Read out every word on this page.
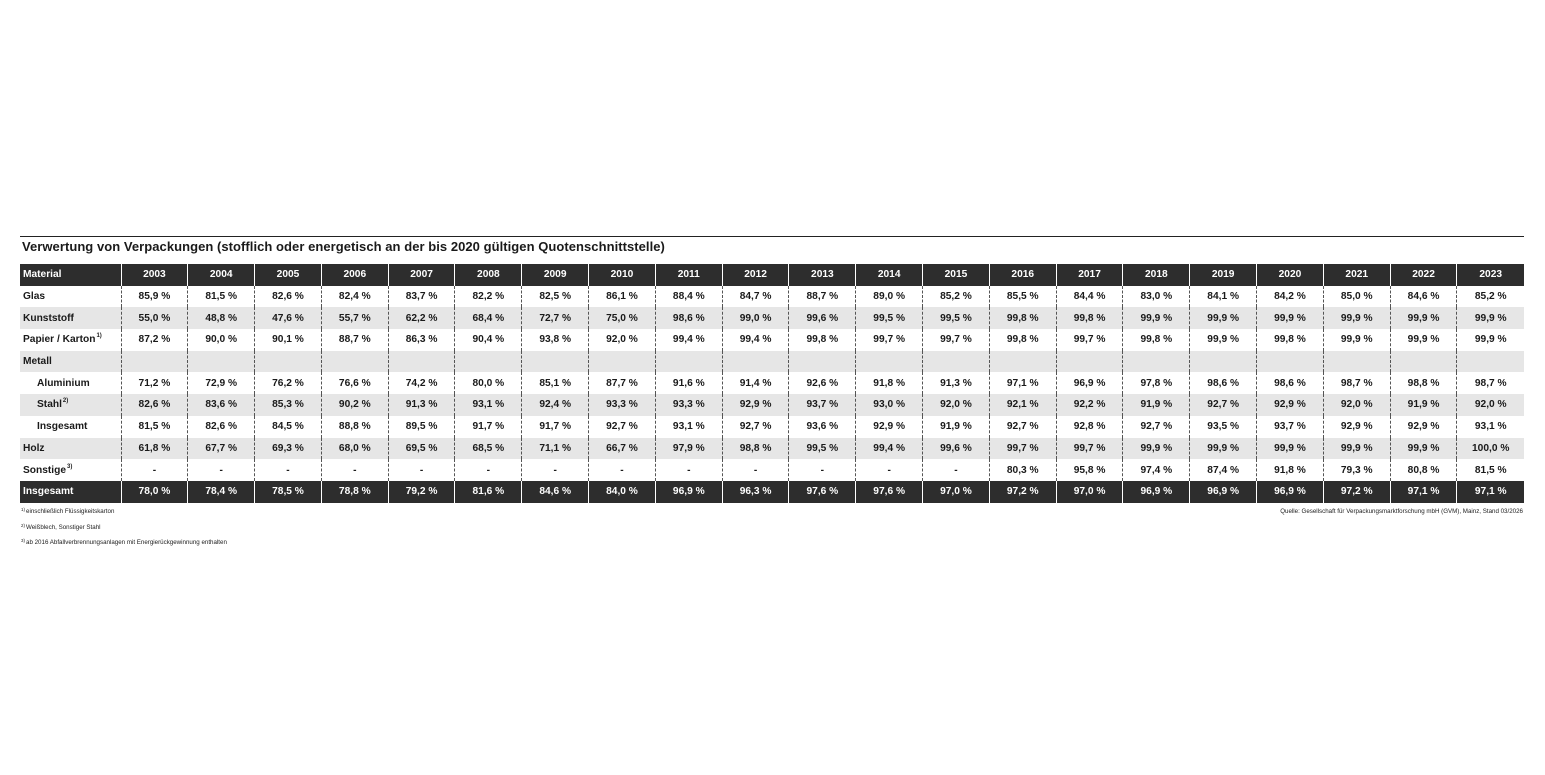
Verwertung von Verpackungen (stofflich oder energetisch an der bis 2020 gültigen Quotenschnittstelle)
Material	2003	2004	2005	2006	2007	2008	2009	2010	2011	2012	2013	2014	2015	2016	2017	2018	2019	2020	2021	2022	2023
Glas	85,9 %	81,5 %	82,6 %	82,4 %	83,7 %	82,2 %	82,5 %	86,1 %	88,4 %	84,7 %	88,7 %	89,0 %	85,2 %	85,5 %	84,4 %	83,0 %	84,1 %	84,2 %	85,0 %	84,6 %	85,2 %
Kunststoff	55,0 %	48,8 %	47,6 %	55,7 %	62,2 %	68,4 %	72,7 %	75,0 %	98,6 %	99,0 %	99,6 %	99,5 %	99,5 %	99,8 %	99,8 %	99,9 %	99,9 %	99,9 %	99,9 %	99,9 %	99,9 %
Papier / Karton$^{1)}$	87,2 %	90,0 %	90,1 %	88,7 %	86,3 %	90,4 %	93,8 %	92,0 %	99,4 %	99,4 %	99,8 %	99,7 %	99,7 %	99,8 %	99,7 %	99,8 %	99,9 %	99,8 %	99,9 %	99,9 %	99,9 %
Metall																					
Aluminium	71,2 %	72,9 %	76,2 %	76,6 %	74,2 %	80,0 %	85,1 %	87,7 %	91,6 %	91,4 %	92,6 %	91,8 %	91,3 %	97,1 %	96,9 %	97,8 %	98,6 %	98,6 %	98,7 %	98,8 %	98,7 %
Stahl$^{2)}$	82,6 %	83,6 %	85,3 %	90,2 %	91,3 %	93,1 %	92,4 %	93,3 %	93,3 %	92,9 %	93,7 %	93,0 %	92,0 %	92,1 %	92,2 %	91,9 %	92,7 %	92,9 %	92,0 %	91,9 %	92,0 %
Insgesamt	81,5 %	82,6 %	84,5 %	88,8 %	89,5 %	91,7 %	91,7 %	92,7 %	93,1 %	92,7 %	93,6 %	92,9 %	91,9 %	92,7 %	92,8 %	92,7 %	93,5 %	93,7 %	92,9 %	92,9 %	93,1 %
Holz	61,8 %	67,7 %	69,3 %	68,0 %	69,5 %	68,5 %	71,1 %	66,7 %	97,9 %	98,8 %	99,5 %	99,4 %	99,6 %	99,7 %	99,7 %	99,9 %	99,9 %	99,9 %	99,9 %	99,9 %	100,0 %
Sonstige$^{3)}$	-	-	-	-	-	-	-	-	-	-	-	-	-	80,3 %	95,8 %	97,4 %	87,4 %	91,8 %	79,3 %	80,8 %	81,5 %
Insgesamt	78,0 %	78,4 %	78,5 %	78,8 %	79,2 %	81,6 %	84,6 %	84,0 %	96,9 %	96,3 %	97,6 %	97,6 %	97,0 %	97,2 %	97,0 %	96,9 %	96,9 %	96,9 %	97,2 %	97,1 %	97,1 %
$^{1)}$einschließlich Flüssigkeitskarton
$^{2)}$Weißblech, Sonstiger Stahl
$^{3)}$ab 2016 Abfallverbrennungsanlagen mit Energierückgewinnung enthalten
Quelle: Gesellschaft für Verpackungsmarktforschung mbH (GVM), Mainz, Stand 03/2026
